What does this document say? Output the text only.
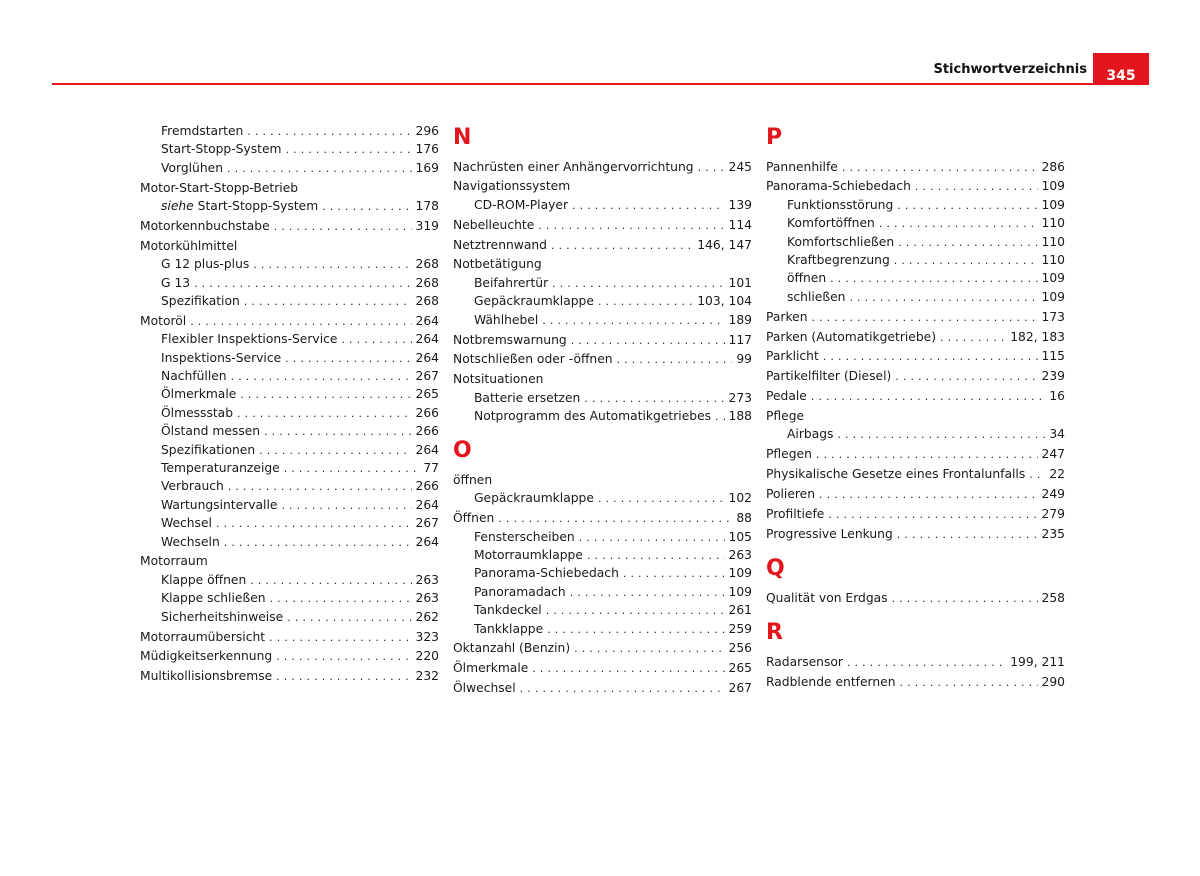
Stichwortverzeichnis	345
Fremdstarten . . .	296
Start-Stopp-System . . .	176
Vorglühen . . .	169
Motor-Start-Stopp-Betrieb
siehe Start-Stopp-System . . .	178
Motorkennbuchstabe . . .	319
Motorkühlmittel
G 12 plus-plus . . .	268
G 13 . . .	268
Spezifikation . . .	268
Motoröl . . .	264
Flexibler Inspektions-Service . . .	264
Inspektions-Service . . .	264
Nachfüllen . . .	267
Ölmerkmale . . .	265
Ölmessstab . . .	266
Ölstand messen . . .	266
Spezifikationen . . .	264
Temperaturanzeige . . .	77
Verbrauch . . .	266
Wartungsintervalle . . .	264
Wechsel . . .	267
Wechseln . . .	264
Motorraum
Klappe öffnen . . .	263
Klappe schließen . . .	263
Sicherheitshinweise . . .	262
Motorraumübersicht . . .	323
Müdigkeitserkennung . . .	220
Multikollisionsbremse . . .	232
N
Nachrüsten einer Anhängervorrichtung . . .	245
Navigationssystem
CD-ROM-Player . . .	139
Nebelleuchte . . .	114
Netztrennwand . . .	146, 147
Notbetätigung
Beifahrertür . . .	101
Gepäckraumklappe . . .	103, 104
Wählhebel . . .	189
Notbremswarnung . . .	117
Notschließen oder -öffnen . . .	99
Notsituationen
Batterie ersetzen . . .	273
Notprogramm des Automatikgetriebes . . . 188
O
öffnen
Gepäckraumklappe . . .	102
Öffnen . . .	88
Fensterscheiben . . .	105
Motorraumklappe . . .	263
Panorama-Schiebedach . . .	109
Panoramadach . . .	109
Tankdeckel . . .	261
Tankklappe . . .	259
Oktanzahl (Benzin) . . .	256
Ölmerkmale . . .	265
Ölwechsel . . .	267
P
Pannenhilfe . . .	286
Panorama-Schiebedach . . .	109
Funktionsstörung . . .	109
Komfortöffnen . . .	110
Komfortschließen . . .	110
Kraftbegrenzung . . .	110
öffnen . . .	109
schließen . . .	109
Parken . . .	173
Parken (Automatikgetriebe) . . .	182, 183
Parklicht . . .	115
Partikelfilter (Diesel) . . .	239
Pedale . . .	16
Pflege
Airbags . . .	34
Pflegen . . .	247
Physikalische Gesetze eines Frontalunfalls . . . 22
Polieren . . .	249
Profiltiefe . . .	279
Progressive Lenkung . . .	235
Q
Qualität von Erdgas . . .	258
R
Radarsensor . . .	199, 211
Radblende entfernen . . .	290
